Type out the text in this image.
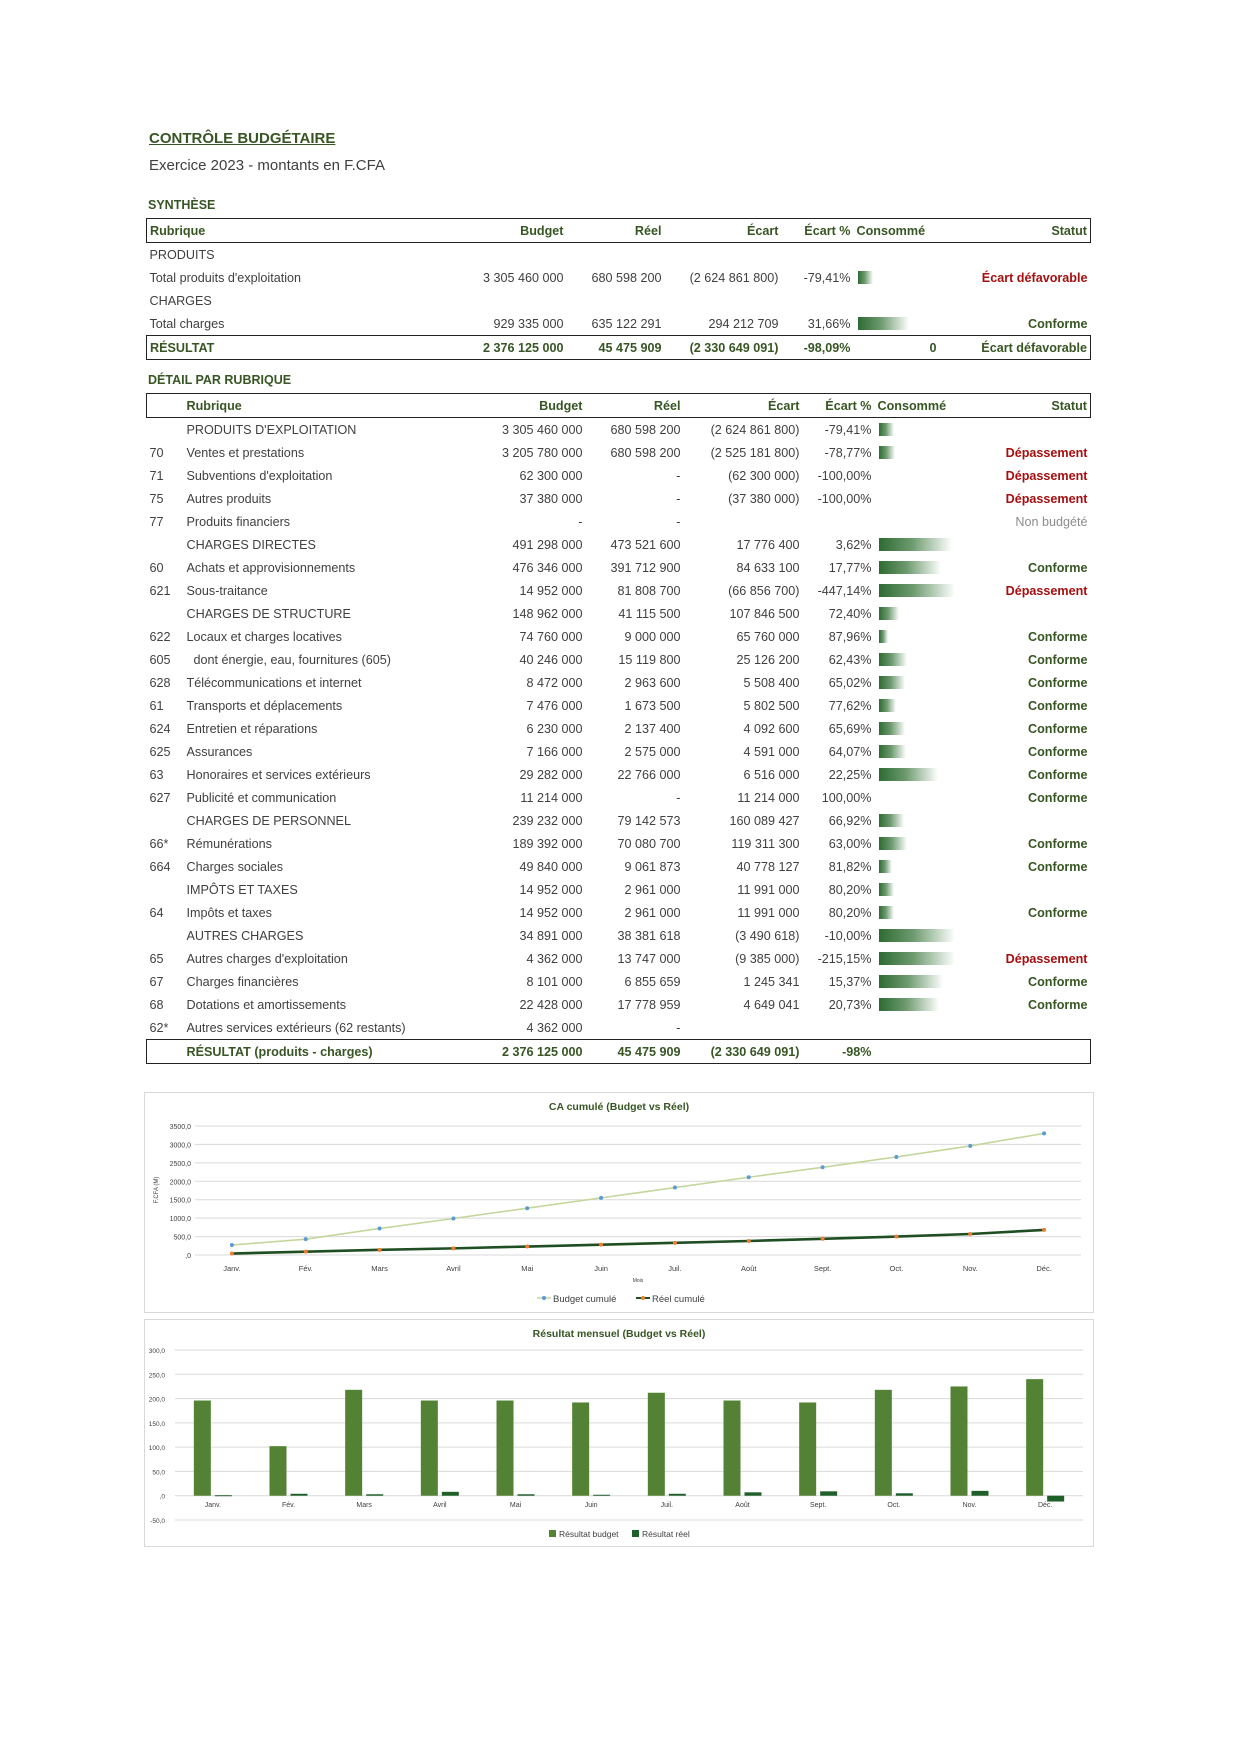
CONTRÔLE BUDGÉTAIRE
Exercice 2023 - montants en F.CFA
SYNTHÈSE
Rubrique	Budget	Réel	Écart	Écart %	Consommé	Statut
PRODUITS						
Total produits d'exploitation	3 305 460 000	680 598 200	(2 624 861 800)	-79,41%		Écart défavorable
CHARGES						
Total charges	929 335 000	635 122 291	294 212 709	31,66%		Conforme
RÉSULTAT	2 376 125 000	45 475 909	(2 330 649 091)	-98,09%	0	Écart défavorable
DÉTAIL PAR RUBRIQUE
	Rubrique	Budget	Réel	Écart	Écart %	Consommé	Statut
	PRODUITS D'EXPLOITATION	3 305 460 000	680 598 200	(2 624 861 800)	-79,41%	

70	Ventes et prestations	3 205 780 000	680 598 200	(2 525 181 800)	-78,77%		Dépassement
71	Subventions d'exploitation	62 300 000	-	(62 300 000)	-100,00%		Dépassement
75	Autres produits	37 380 000	-	(37 380 000)	-100,00%		Dépassement
77	Produits financiers	-	-				Non budgété
	CHARGES DIRECTES	491 298 000	473 521 600	17 776 400	3,62%	

60	Achats et approvisionnements	476 346 000	391 712 900	84 633 100	17,77%		Conforme
621	Sous-traitance	14 952 000	81 808 700	(66 856 700)	-447,14%		Dépassement
	CHARGES DE STRUCTURE	148 962 000	41 115 500	107 846 500	72,40%	

622	Locaux et charges locatives	74 760 000	9 000 000	65 760 000	87,96%		Conforme
605	dont énergie, eau, fournitures (605)	40 246 000	15 119 800	25 126 200	62,43%		Conforme
628	Télécommunications et internet	8 472 000	2 963 600	5 508 400	65,02%		Conforme
61	Transports et déplacements	7 476 000	1 673 500	5 802 500	77,62%		Conforme
624	Entretien et réparations	6 230 000	2 137 400	4 092 600	65,69%		Conforme
625	Assurances	7 166 000	2 575 000	4 591 000	64,07%		Conforme
63	Honoraires et services extérieurs	29 282 000	22 766 000	6 516 000	22,25%		Conforme
627	Publicité et communication	11 214 000	-	11 214 000	100,00%		Conforme
	CHARGES DE PERSONNEL	239 232 000	79 142 573	160 089 427	66,92%	

66*	Rémunérations	189 392 000	70 080 700	119 311 300	63,00%		Conforme
664	Charges sociales	49 840 000	9 061 873	40 778 127	81,82%		Conforme
	IMPÔTS ET TAXES	14 952 000	2 961 000	11 991 000	80,20%	

64	Impôts et taxes	14 952 000	2 961 000	11 991 000	80,20%		Conforme
	AUTRES CHARGES	34 891 000	38 381 618	(3 490 618)	-10,00%	

65	Autres charges d'exploitation	4 362 000	13 747 000	(9 385 000)	-215,15%		Dépassement
67	Charges financières	8 101 000	6 855 659	1 245 341	15,37%		Conforme
68	Dotations et amortissements	22 428 000	17 778 959	4 649 041	20,73%		Conforme
62*	Autres services extérieurs (62 restants)	4 362 000	-				
	RÉSULTAT (produits - charges)	2 376 125 000	45 475 909	(2 330 649 091)	-98%		
CA cumulé (Budget vs Réel)
,0
500,0
1000,0
1500,0
2000,0
2500,0
3000,0
3500,0
F.CFA (M)
Janv.	Fév.	Mars	Avril	Mai	Juin	Juil.	Août	Sept.	Oct.	Nov.	Déc.
Mois
Budget cumulé	Réel cumulé
Résultat mensuel (Budget vs Réel)
-50,0
,0
50,0
100,0
150,0
200,0
250,0
300,0
Janv.	Fév.	Mars	Avril	Mai	Juin	Juil.	Août	Sept.	Oct.	Nov.	Déc.
Résultat budget	Résultat réel
